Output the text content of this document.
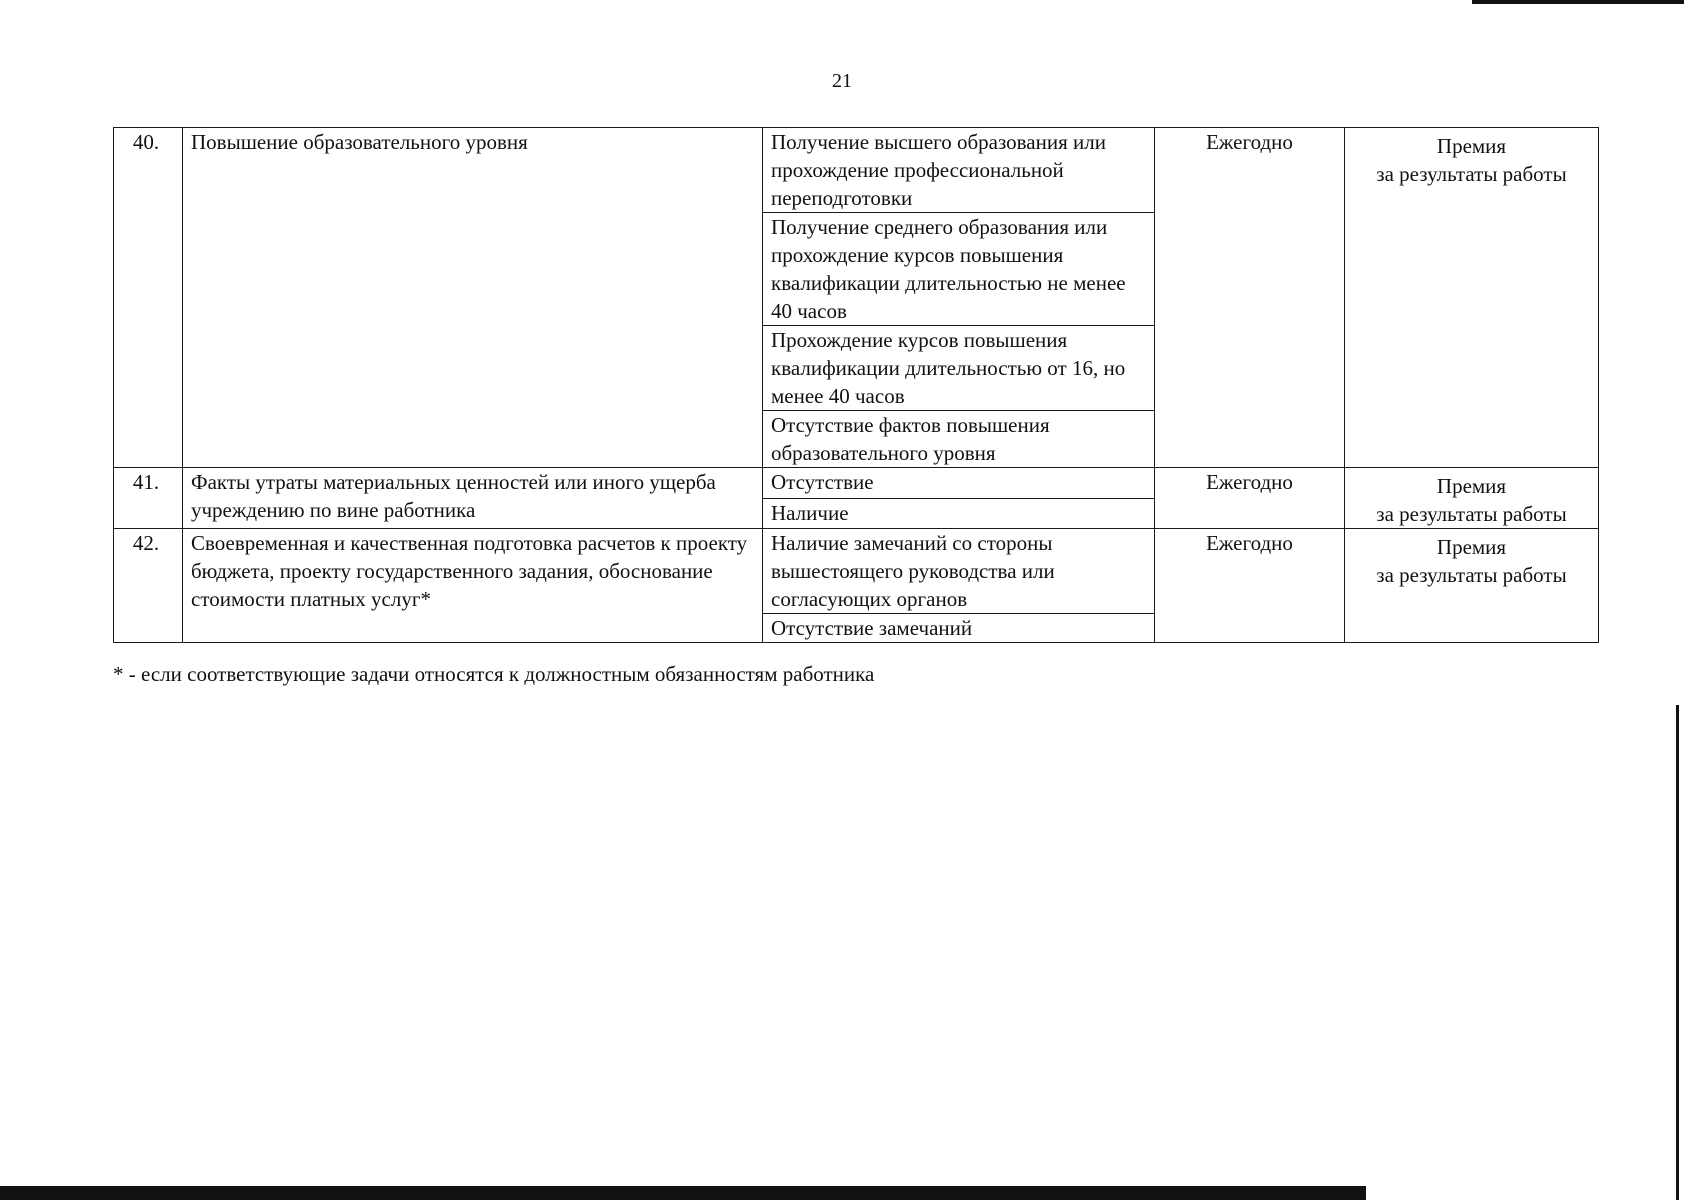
21
40.	Повышение образовательного уровня	Получение высшего образования или прохождение профессиональной переподготовки	Ежегодно	Премия
за результаты работы

		Получение среднего образования или прохождение курсов повышения квалификации длительностью не менее 40 часов		
		Прохождение курсов повышения квалификации длительностью от 16, но менее 40 часов		
		Отсутствие фактов повышения образовательного уровня		
41.	Факты утраты материальных ценностей или иного ущерба учреждению по вине работника	Отсутствие	Ежегодно	Премия
за результаты работы

		Наличие		
42.	Своевременная и качественная подготовка расчетов к проекту бюджета, проекту государственного задания, обоснование стоимости платных услуг*	Наличие замечаний со стороны вышестоящего руководства или согласующих органов	Ежегодно	Премия
за результаты работы

		Отсутствие замечаний		
* - если соответствующие задачи относятся к должностным обязанностям работника
